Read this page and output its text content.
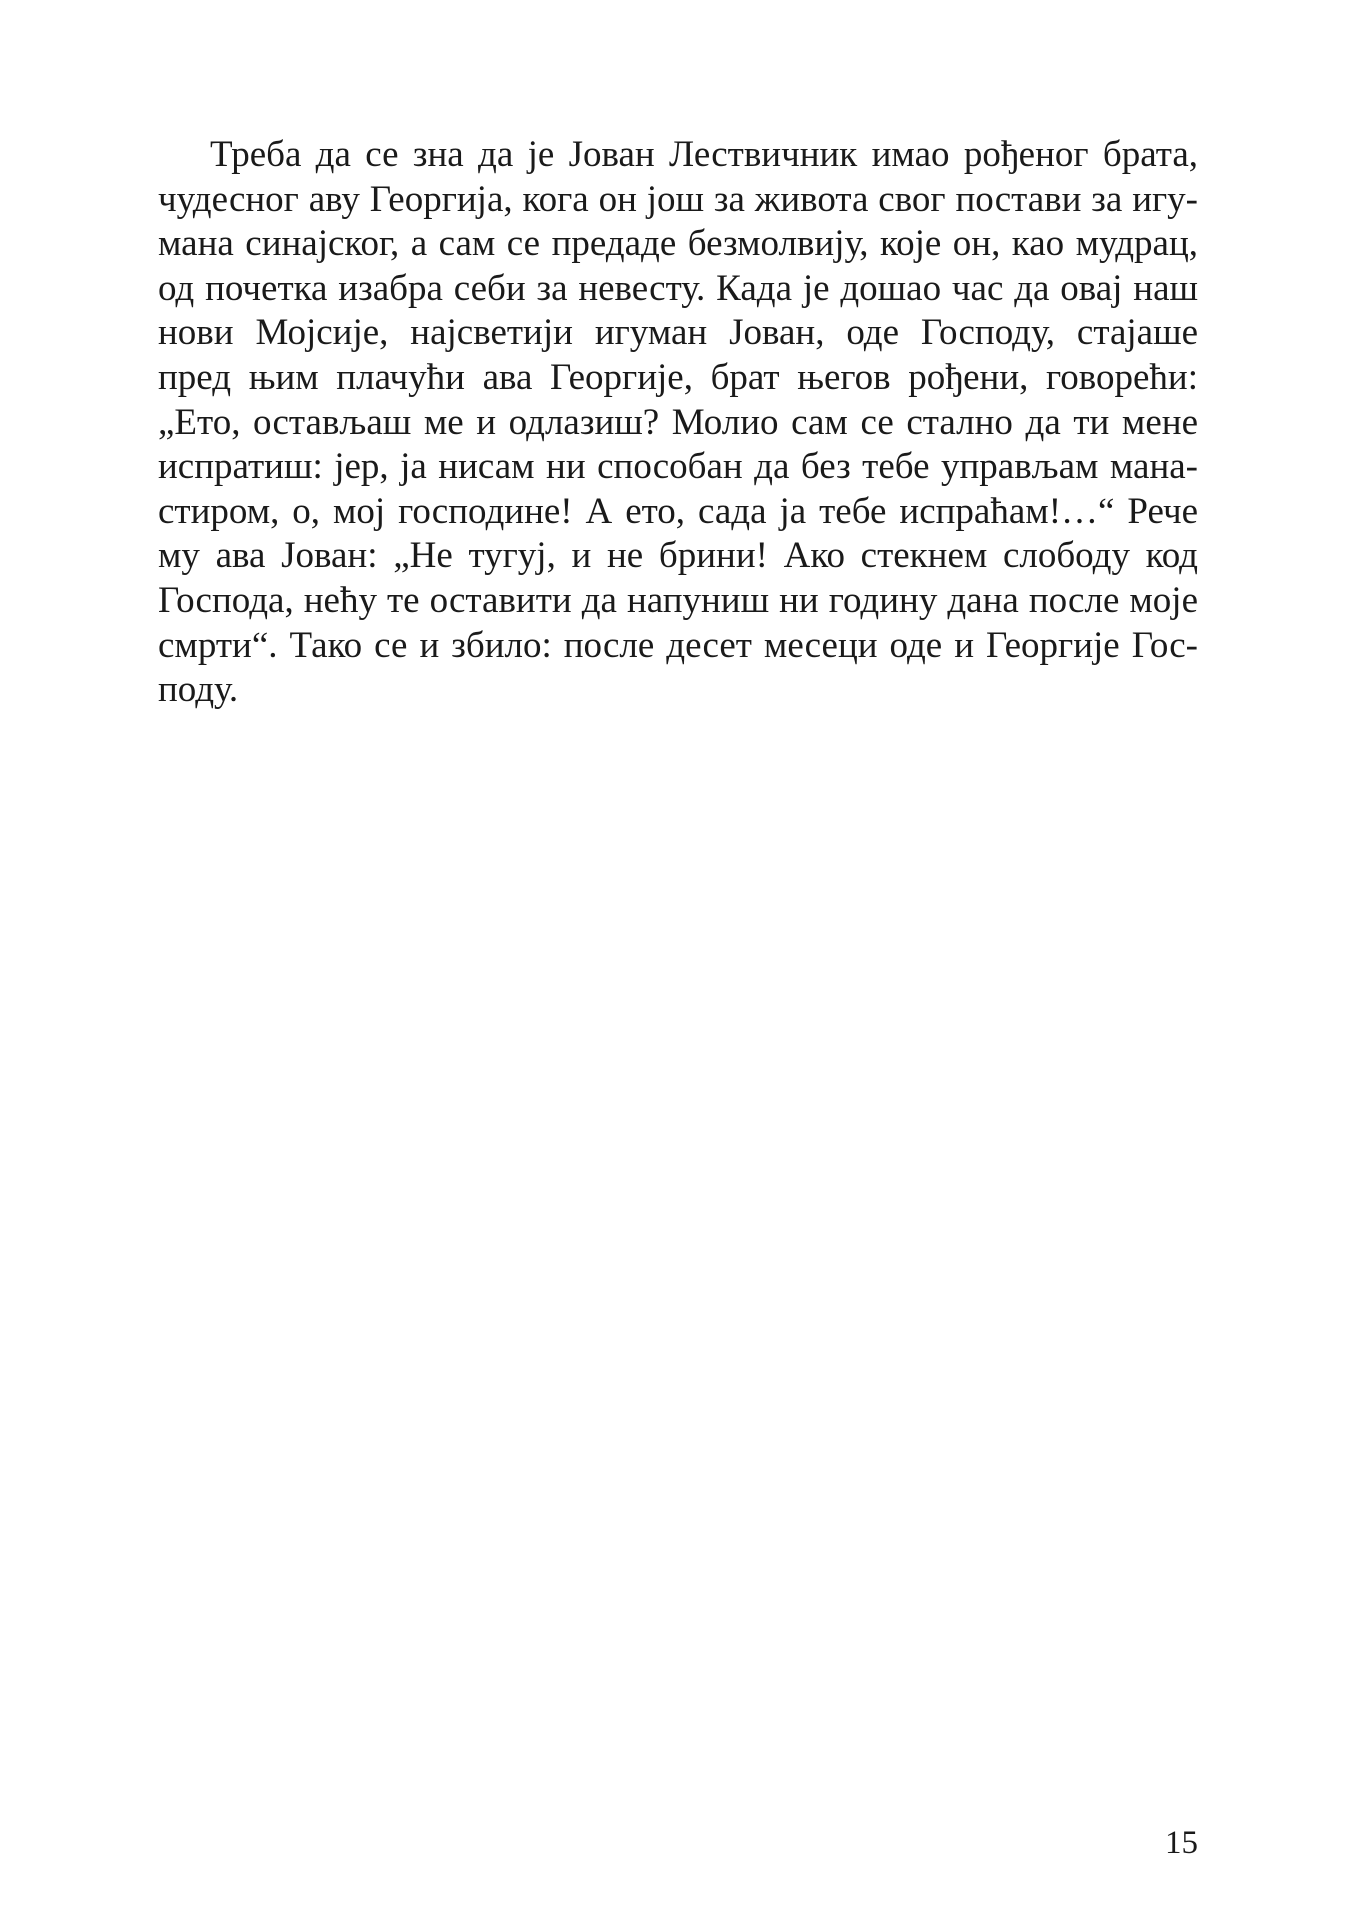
Треба да се зна да је Јован Лествичник имао рођеног брата,
чудесног аву Георгија, кога он још за живота свог постави за игу-
мана синајског, а сам се предаде безмолвију, које он, као мудрац,
од почетка изабра себи за невесту. Када је дошао час да овај наш
нови Мојсије, најсветији игуман Јован, оде Господу, стајаше
пред њим плачући ава Георгије, брат његов рођени, говорећи:
„Ето, остављаш ме и одлазиш? Молио сам се стално да ти мене
испратиш: јер, ја нисам ни способан да без тебе управљам мана-
стиром, о, мој господине! А ето, сада ја тебе испраћам!…“ Рече
му ава Јован: „Не тугуј, и не брини! Ако стекнем слободу код
Господа, нећу те оставити да напуниш ни годину дана после моје
смрти“. Тако се и збило: после десет месеци оде и Георгије Гос-
поду.
15
